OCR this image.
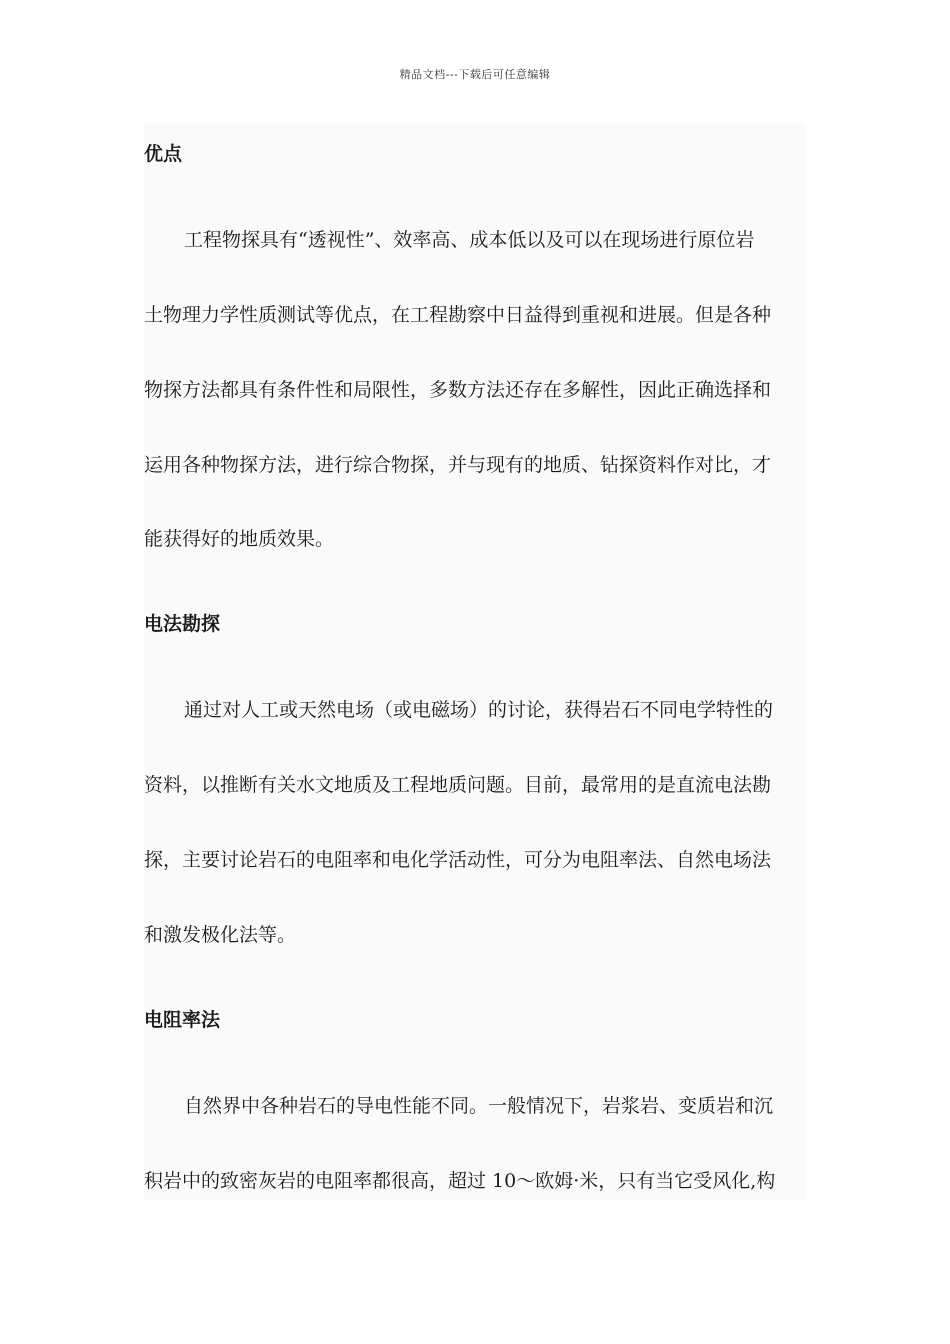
精品文档---下载后可任意编辑
优点
工程物探具有“透视性”、效率高、成本低以及可以在现场进行原位岩
土物理力学性质测试等优点，在工程勘察中日益得到重视和进展。但是各种
物探方法都具有条件性和局限性，多数方法还存在多解性，因此正确选择和
运用各种物探方法，进行综合物探，并与现有的地质、钻探资料作对比，才
能获得好的地质效果。
电法勘探
通过对人工或天然电场（或电磁场）的讨论，获得岩石不同电学特性的
资料，以推断有关水文地质及工程地质问题。目前，最常用的是直流电法勘
探，主要讨论岩石的电阻率和电化学活动性，可分为电阻率法、自然电场法
和激发极化法等。
电阻率法
自然界中各种岩石的导电性能不同。一般情况下，岩浆岩、变质岩和沉
积岩中的致密灰岩的电阻率都很高，超过 10～欧姆·米，只有当它受风化,构
